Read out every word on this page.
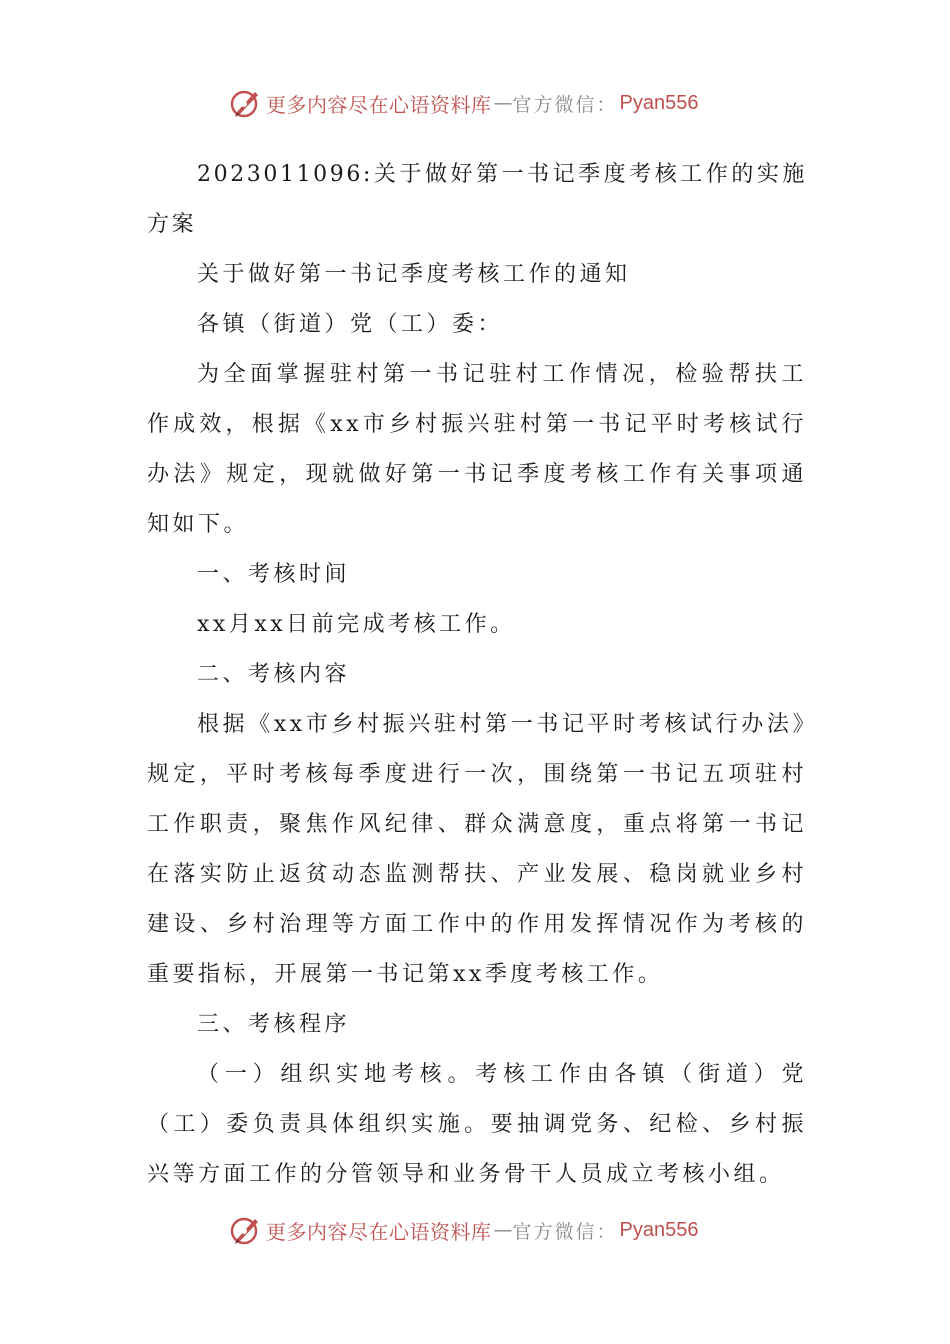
更多内容尽在心语资料库 — 官方微信： Pyan556

2023011096:关于做好第一书记季度考核工作的实施方案

关于做好第一书记季度考核工作的通知

各镇（街道）党（工）委：

为全面掌握驻村第一书记驻村工作情况，检验帮扶工作成效，根据《xx市乡村振兴驻村第一书记平时考核试行办法》规定，现就做好第一书记季度考核工作有关事项通知如下。

一、考核时间

xx月xx日前完成考核工作。

二、考核内容

根据《xx市乡村振兴驻村第一书记平时考核试行办法》规定，平时考核每季度进行一次，围绕第一书记五项驻村工作职责，聚焦作风纪律、群众满意度，重点将第一书记在落实防止返贫动态监测帮扶、产业发展、稳岗就业乡村建设、乡村治理等方面工作中的作用发挥情况作为考核的重要指标，开展第一书记第xx季度考核工作。

三、考核程序

（一）组织实地考核。考核工作由各镇（街道）党（工）委负责具体组织实施。要抽调党务、纪检、乡村振兴等方面工作的分管领导和业务骨干人员成立考核小组。

更多内容尽在心语资料库 — 官方微信： Pyan556
